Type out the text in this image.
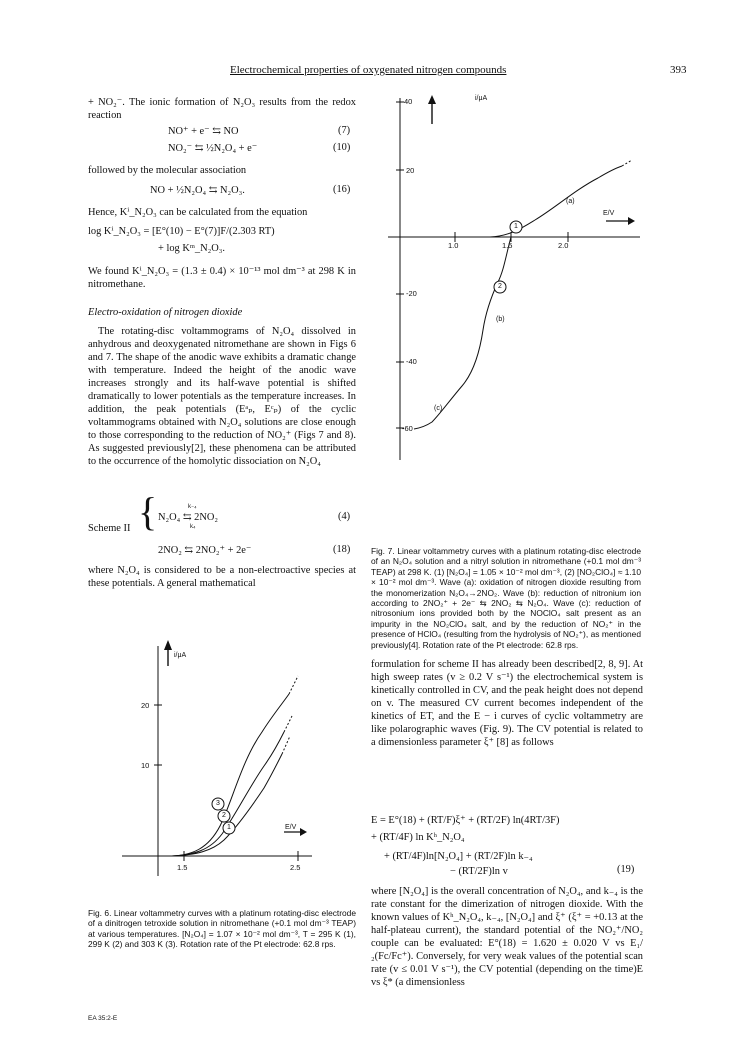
Electrochemical properties of oxygenated nitrogen compounds	393
+ NO₂⁻. The ionic formation of N₂O₃ results from the redox reaction
NO⁺ + e⁻ ⇆ NO	(7)
NO₂⁻ ⇆ ½N₂O₄ + e⁻	(10)
followed by the molecular association
NO + ½N₂O₄ ⇆ N₂O₃.	(16)
Hence, Kⁱ_N₂O₃ can be calculated from the equation
log Kⁱ_N₂O₃ = [E°(10) − E°(7)]F/(2.303 RT)
+ log Kᵐ_N₂O₃.
We found Kⁱ_N₂O₃ = (1.3 ± 0.4) × 10⁻¹³ mol dm⁻³ at 298 K in nitromethane.
Electro-oxidation of nitrogen dioxide
The rotating-disc voltammograms of N₂O₄ dissolved in anhydrous and deoxygenated nitromethane are shown in Figs 6 and 7. The shape of the anodic wave exhibits a dramatic change with temperature. Indeed the height of the anodic wave increases strongly and its half-wave potential is shifted dramatically to lower potentials as the temperature increases. In addition, the peak potentials (Eᵃₚ, Eᶜₚ) of the cyclic voltammograms obtained with N₂O₄ solutions are close enough to those corresponding to the reduction of NO₂⁺ (Figs 7 and 8). As suggested previously[2], these phenomena can be attributed to the occurrence of the homolytic dissociation on N₂O₄
Scheme II {	k₋₄
N₂O₄ ⇆ 2NO₂
k₄
(4)
2NO₂ ⇆ 2NO₂⁺ + 2e⁻	(18)
where N₂O₄ is considered to be a non-electroactive species at these potentials. A general mathematical
i/μA
E/V
40
20
-20
-40
-60
1.0	1.5	2.0
(a)
(b)
(c)
1
2
Fig. 7. Linear voltammetry curves with a platinum rotating-disc electrode of an N₂O₄ solution and a nitryl solution in nitromethane (+0.1 mol dm⁻³ TEAP) at 298 K. (1) [N₂O₄] = 1.05 × 10⁻² mol dm⁻³, (2) [NO₂ClO₄] ≈ 1.10 × 10⁻² mol dm⁻³. Wave (a): oxidation of nitrogen dioxide resulting from the monomerization N₂O₄→2NO₂. Wave (b): reduction of nitronium ion according to 2NO₂⁺ + 2e⁻ ⇆ 2NO₂ ⇆ N₂O₄. Wave (c): reduction of nitrosonium ions provided both by the NOClO₄ salt present as an impurity in the NO₂ClO₄ salt, and by the reduction of NO₂⁺ in the presence of HClO₄ (resulting from the hydrolysis of NO₂⁺), as mentioned previously[4]. Rotation rate of the Pt electrode: 62.8 rps.
i/μA
E/V
20
10
1.5	2.5
3
2
1
Fig. 6. Linear voltammetry curves with a platinum rotating-disc electrode of a dinitrogen tetroxide solution in nitromethane (+0.1 mol dm⁻³ TEAP) at various temperatures. [N₂O₄] = 1.07 × 10⁻² mol dm⁻³, T = 295 K (1), 299 K (2) and 303 K (3). Rotation rate of the Pt electrode: 62.8 rps.
formulation for scheme II has already been described[2, 8, 9]. At high sweep rates (v ≥ 0.2 V s⁻¹) the electrochemical system is kinetically controlled in CV, and the peak height does not depend on v. The measured CV current becomes independent of the kinetics of ET, and the E − i curves of cyclic voltammetry are like polarographic waves (Fig. 9). The CV potential is related to a dimensionless parameter ξ⁺ [8] as follows
E = E°(18) + (RT/F)ξ⁺ + (RT/2F) ln(4RT/3F)
+ (RT/4F) ln Kʰ_N₂O₄
+ (RT/4F)ln[N₂O₄] + (RT/2F)ln k₋₄
− (RT/2F)ln v	(19)
where [N₂O₄] is the overall concentration of N₂O₄, and k₋₄ is the rate constant for the dimerization of nitrogen dioxide. With the known values of Kʰ_N₂O₄, k₋₄, [N₂O₄] and ξ⁺ (ξ⁺ = +0.13 at the half-plateau current), the standard potential of the NO₂⁺/NO₂ couple can be evaluated: E°(18) = 1.620 ± 0.020 V vs E₁/₂(Fc/Fc⁺). Conversely, for very weak values of the potential scan rate (v ≤ 0.01 V s⁻¹), the CV potential (depending on the time)E vs ξ* (a dimensionless
EA 35:2-E
